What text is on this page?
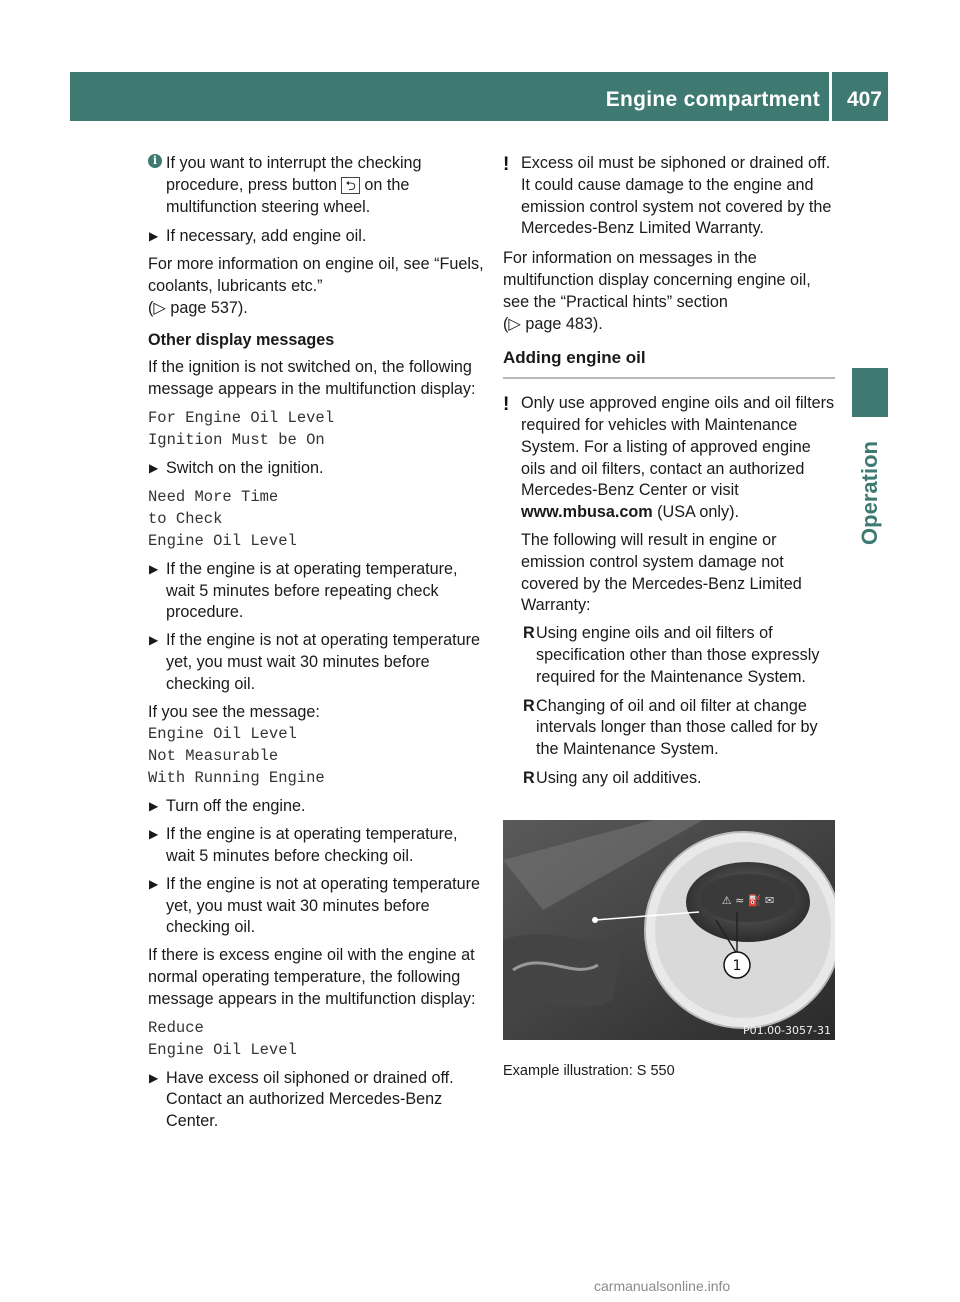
Engine compartment 407
Operation
i If you want to interrupt the checking procedure, press button ⮌ on the multifunction steering wheel.
▶ If necessary, add engine oil.

For more information on engine oil, see “Fuels, coolants, lubricants etc.”
(▷ page 537).

Other display messages

If the ignition is not switched on, the following message appears in the multifunction display:

For Engine Oil Level
Ignition Must be On
▶ Switch on the ignition.
Need More Time
to Check
Engine Oil Level
▶ If the engine is at operating temperature, wait 5 minutes before repeating check procedure.
▶ If the engine is not at operating temperature yet, you must wait 30 minutes before checking oil.

If you see the message:

Engine Oil Level
Not Measurable
With Running Engine
▶ Turn off the engine.
▶ If the engine is at operating temperature, wait 5 minutes before checking oil.
▶ If the engine is not at operating temperature yet, you must wait 30 minutes before checking oil.

If there is excess engine oil with the engine at normal operating temperature, the following message appears in the multifunction display:

Reduce
Engine Oil Level
▶ Have excess oil siphoned or drained off. Contact an authorized Mercedes-Benz Center.
! Excess oil must be siphoned or drained off. It could cause damage to the engine and emission control system not covered by the Mercedes-Benz Limited Warranty.

For information on messages in the multifunction display concerning engine oil, see the “Practical hints” section
(▷ page 483).

Adding engine oil
! Only use approved engine oils and oil filters required for vehicles with Maintenance System. For a listing of approved engine oils and oil filters, contact an authorized Mercedes-Benz Center or visit www.mbusa.com (USA only).

The following will result in engine or emission control system damage not covered by the Mercedes-Benz Limited Warranty:

R Using engine oils and oil filters of specification other than those expressly required for the Maintenance System.
R Changing of oil and oil filter at change intervals longer than those called for by the Maintenance System.
R Using any oil additives.
⚠ ≈ ⛽ ✉
1
P01.00-3057-31
Example illustration: S 550
carmanualsonline.info
